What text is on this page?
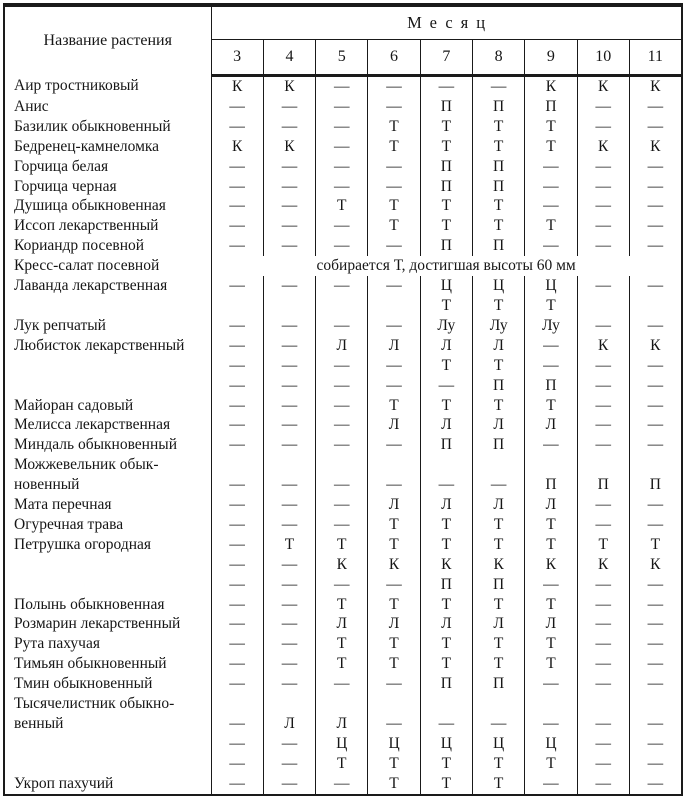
Название растения	Месяц								
	3	4	5	6	7	8	9	10	11
Аир тростниковый	К	К	—	—	—	—	К	К	К
Анис	—	—	—	—	П	П	П	—	—
Базилик обыкновенный	—	—	—	Т	Т	Т	Т	—	—
Бедренец-камнеломка	К	К	—	Т	Т	Т	Т	К	К
Горчица белая	—	—	—	—	П	П	—	—	—
Горчица черная	—	—	—	—	П	П	—	—	—
Душица обыкновенная	—	—	Т	Т	Т	Т	—	—	—
Иссоп лекарственный	—	—	—	Т	Т	Т	Т	—	—
Кориандр посевной	—	—	—	—	П	П	—	—	—
Кресс-салат посевной	собирается Т, достигшая высоты 60 мм								
Лаванда лекарственная	—	—	—	—	Ц	Ц	Ц	—	—
					Т	Т	Т		
Лук репчатый	—	—	—	—	Лу	Лу	Лу	—	—
Любисток лекарственный	—	—	Л	Л	Л	Л	—	К	К
	—	—	—	—	Т	Т	—	—	—
	—	—	—	—	—	П	П	—	—
Майоран садовый	—	—	—	Т	Т	Т	Т	—	—
Мелисса лекарственная	—	—	—	Л	Л	Л	Л	—	—
Миндаль обыкновенный	—	—	—	—	П	П	—	—	—
Можжевельник обык-									
новенный	—	—	—	—	—	—	П	П	П
Мата перечная	—	—	—	Л	Л	Л	Л	—	—
Огуречная трава	—	—	—	Т	Т	Т	Т	—	—
Петрушка огородная	—	Т	Т	Т	Т	Т	Т	Т	Т
	—	—	К	К	К	К	К	К	К
	—	—	—	—	П	П	—	—	—
Полынь обыкновенная	—	—	Т	Т	Т	Т	Т	—	—
Розмарин лекарственный	—	—	Л	Л	Л	Л	Л	—	—
Рута пахучая	—	—	Т	Т	Т	Т	Т	—	—
Тимьян обыкновенный	—	—	Т	Т	Т	Т	Т	—	—
Тмин обыкновенный	—	—	—	—	П	П	—	—	—
Тысячелистник обыкно-									
венный	—	Л	Л	—	—	—	—	—	—
	—	—	Ц	Ц	Ц	Ц	Ц	—	—
	—	—	Т	Т	Т	Т	Т	—	—
Укроп пахучий	—	—	—	Т	Т	Т	—	—	—
